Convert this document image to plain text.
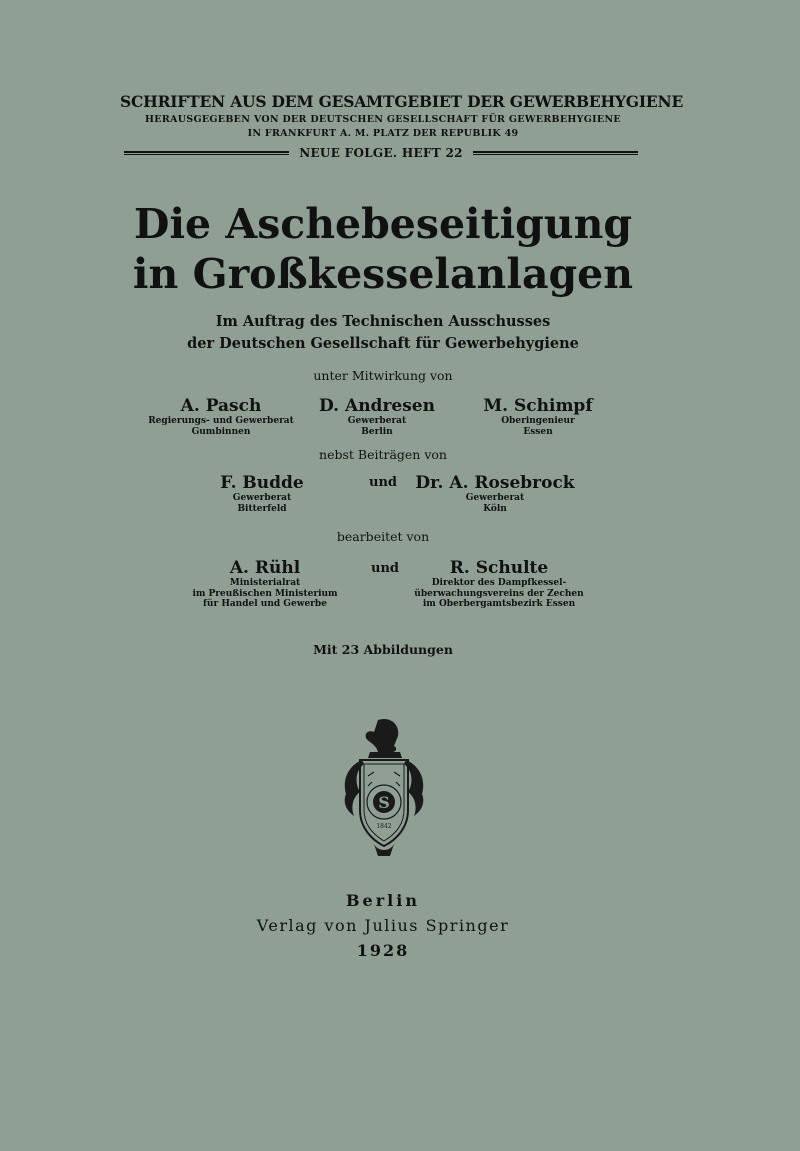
SCHRIFTEN AUS DEM GESAMTGEBIET DER GEWERBEHYGIENE
HERAUSGEGEBEN VON DER DEUTSCHEN GESELLSCHAFT FÜR GEWERBEHYGIENE
IN FRANKFURT A. M. PLATZ DER REPUBLIK 49
NEUE FOLGE. HEFT 22
Die Aschebeseitigung
in Großkesselanlagen
Im Auftrag des Technischen Ausschusses
der Deutschen Gesellschaft für Gewerbehygiene
unter Mitwirkung von
A. Pasch
Regierungs- und Gewerberat
Gumbinnen
D. Andresen
Gewerberat
Berlin
M. Schimpf
Oberingenieur
Essen
nebst Beiträgen von
F. Budde
Gewerberat
Bitterfeld
und Dr. A. Rosebrock
Gewerberat
Köln
bearbeitet von
A. Rühl
Ministerialrat
im Preußischen Ministerium
für Handel und Gewerbe
und	R. Schulte
Direktor des Dampfkessel-
überwachungsvereins der Zechen
im Oberbergamtsbezirk Essen
Mit 23 Abbildungen
S
1842
Berlin
Verlag von Julius Springer
1928
